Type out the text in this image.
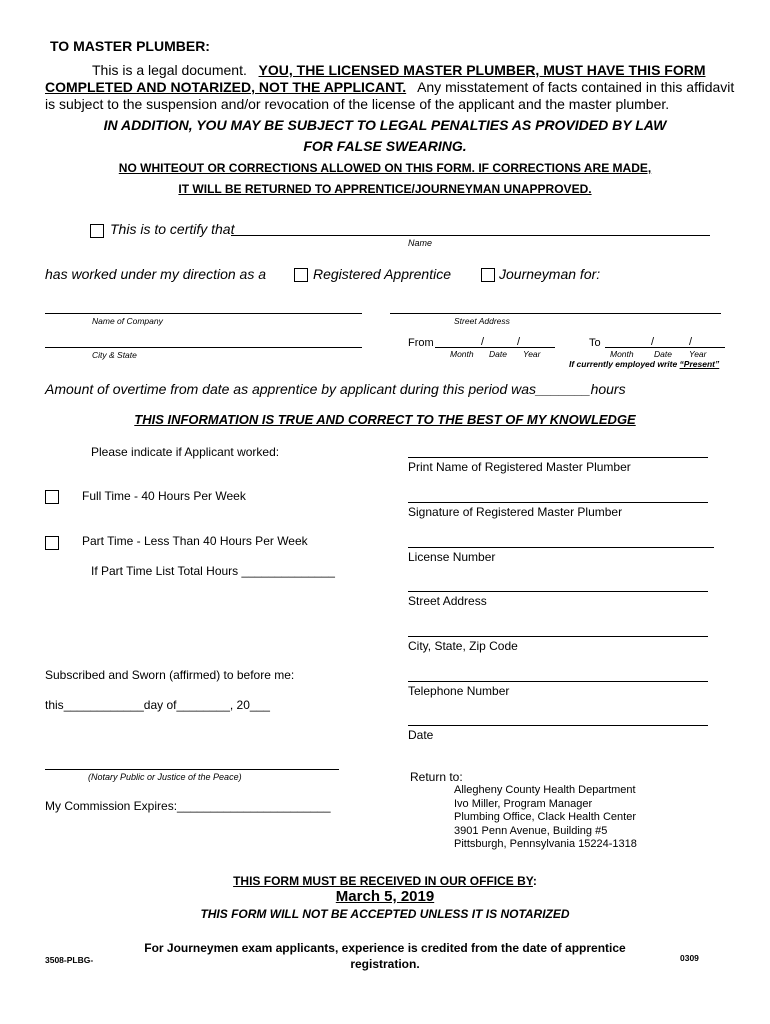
TO MASTER PLUMBER:
This is a legal document. YOU, THE LICENSED MASTER PLUMBER, MUST HAVE THIS FORM
COMPLETED AND NOTARIZED, NOT THE APPLICANT. Any misstatement of facts contained in this affidavit
is subject to the suspension and/or revocation of the license of the applicant and the master plumber.
IN ADDITION, YOU MAY BE SUBJECT TO LEGAL PENALTIES AS PROVIDED BY LAW
FOR FALSE SWEARING.
NO WHITEOUT OR CORRECTIONS ALLOWED ON THIS FORM. IF CORRECTIONS ARE MADE,
IT WILL BE RETURNED TO APPRENTICE/JOURNEYMAN UNAPPROVED.
This is to certify that
Name
has worked under my direction as a	Registered Apprentice	Journeyman for:
Name of Company	Street Address
City & State
From	/	/
Month Date Year
To	/	/
Month Date Year
If currently employed write “Present”
Amount of overtime from date as apprentice by applicant during this period was_______hours
THIS INFORMATION IS TRUE AND CORRECT TO THE BEST OF MY KNOWLEDGE
Please indicate if Applicant worked:
Full Time - 40 Hours Per Week
Part Time - Less Than 40 Hours Per Week
If Part Time List Total Hours ______________
Print Name of Registered Master Plumber
Signature of Registered Master Plumber
License Number
Street Address
City, State, Zip Code
Telephone Number
Date
Subscribed and Sworn (affirmed) to before me:
this____________day of________, 20___
(Notary Public or Justice of the Peace)
My Commission Expires:_______________________
Return to:
Allegheny County Health Department
Ivo Miller, Program Manager
Plumbing Office, Clack Health Center
3901 Penn Avenue, Building #5
Pittsburgh, Pennsylvania 15224-1318
THIS FORM MUST BE RECEIVED IN OUR OFFICE BY:
March 5, 2019
THIS FORM WILL NOT BE ACCEPTED UNLESS IT IS NOTARIZED
3508-PLBG-
For Journeymen exam applicants, experience is credited from the date of apprentice
registration.	0309
